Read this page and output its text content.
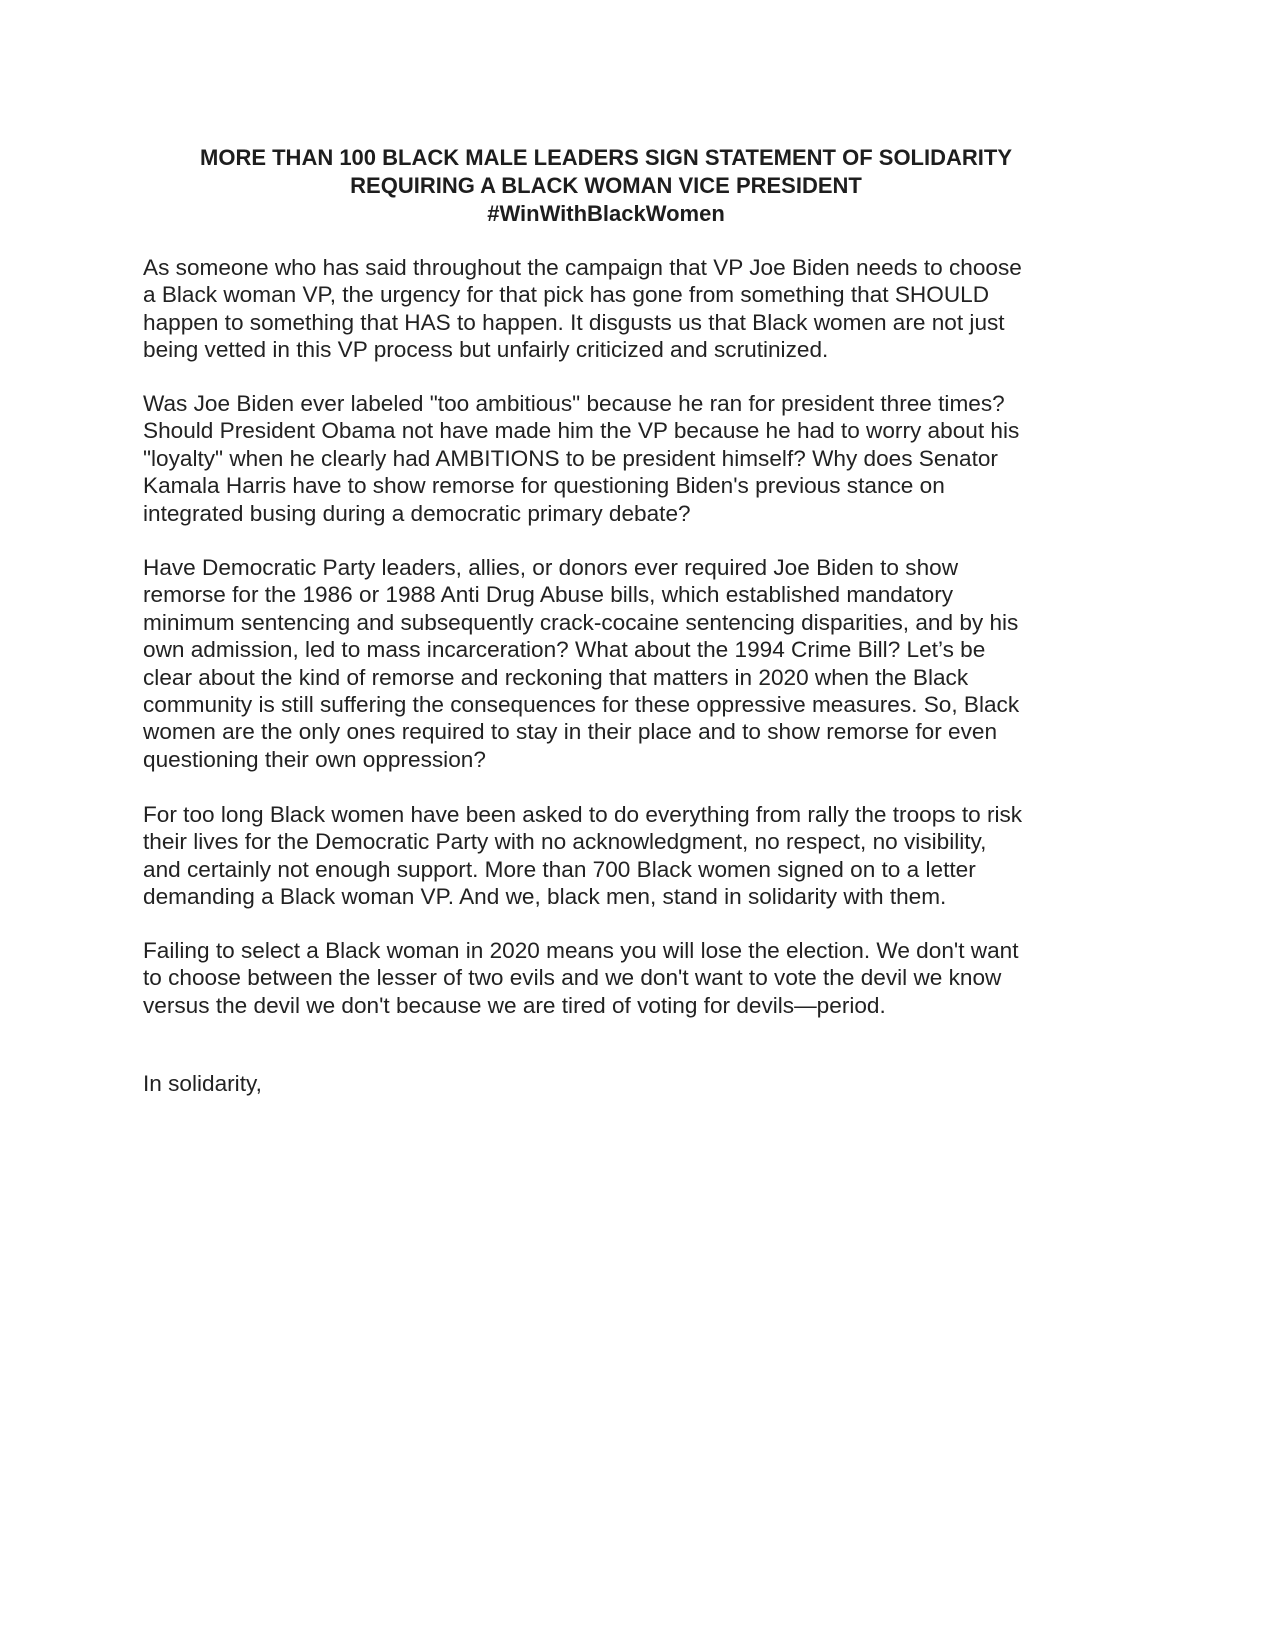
MORE THAN 100 BLACK MALE LEADERS SIGN STATEMENT OF SOLIDARITY
REQUIRING A BLACK WOMAN VICE PRESIDENT
#WinWithBlackWomen
As someone who has said throughout the campaign that VP Joe Biden needs to choose
a Black woman VP, the urgency for that pick has gone from something that SHOULD
happen to something that HAS to happen. It disgusts us that Black women are not just
being vetted in this VP process but unfairly criticized and scrutinized.
Was Joe Biden ever labeled "too ambitious" because he ran for president three times?
Should President Obama not have made him the VP because he had to worry about his
"loyalty" when he clearly had AMBITIONS to be president himself? Why does Senator
Kamala Harris have to show remorse for questioning Biden's previous stance on
integrated busing during a democratic primary debate?
Have Democratic Party leaders, allies, or donors ever required Joe Biden to show
remorse for the 1986 or 1988 Anti Drug Abuse bills, which established mandatory
minimum sentencing and subsequently crack-cocaine sentencing disparities, and by his
own admission, led to mass incarceration? What about the 1994 Crime Bill? Let’s be
clear about the kind of remorse and reckoning that matters in 2020 when the Black
community is still suffering the consequences for these oppressive measures. So, Black
women are the only ones required to stay in their place and to show remorse for even
questioning their own oppression?
For too long Black women have been asked to do everything from rally the troops to risk
their lives for the Democratic Party with no acknowledgment, no respect, no visibility,
and certainly not enough support. More than 700 Black women signed on to a letter
demanding a Black woman VP. And we, black men, stand in solidarity with them.
Failing to select a Black woman in 2020 means you will lose the election. We don't want
to choose between the lesser of two evils and we don't want to vote the devil we know
versus the devil we don't because we are tired of voting for devils—period.
In solidarity,
